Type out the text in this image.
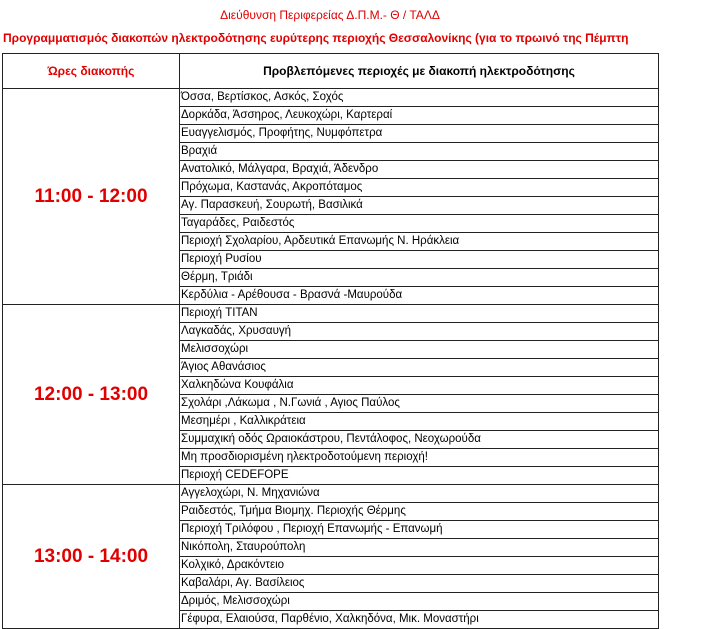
Διεύθυνση Περιφερείας Δ.Π.Μ.- Θ / ΤΑΛΔ
Προγραμματισμός διακοπών ηλεκτροδότησης ευρύτερης περιοχής Θεσσαλονίκης (για το πρωινό της Πέμπτη
Ώρες διακοπής	Προβλεπόμενες περιοχές με διακοπή ηλεκτροδότησης
11:00 - 12:00	Όσσα, Βερτίσκος, Ασκός, Σοχός
	Δορκάδα, Άσσηρος, Λευκοχώρι, Καρτεραί
	Ευαγγελισμός, Προφήτης, Νυμφόπετρα
	Βραχιά
	Ανατολικό, Μάλγαρα, Βραχιά, Άδενδρο
	Πρόχωμα, Καστανάς, Ακροπόταμος
	Αγ. Παρασκευή, Σουρωτή, Βασιλικά
	Ταγαράδες, Ραιδεστός
	Περιοχή Σχολαρίου, Αρδευτικά Επανωμής Ν. Ηράκλεια
	Περιοχή Ρυσίου
	Θέρμη, Τριάδι
	Κερδύλια - Αρέθουσα - Βρασνά -Μαυρούδα
12:00 - 13:00	Περιοχή TITAN
	Λαγκαδάς, Χρυσαυγή
	Μελισσοχώρι
	Άγιος Αθανάσιος
	Χαλκηδώνα Κουφάλια
	Σχολάρι ,Λάκωμα , Ν.Γωνιά , Αγιος Παύλος
	Μεσημέρι , Καλλικράτεια
	Συμμαχική οδός Ωραιοκάστρου, Πεντάλοφος, Νεοχωρούδα
	Μη προσδιορισμένη ηλεκτροδοτούμενη περιοχή!
	Περιοχή CEDEFOPE
13:00 - 14:00	Αγγελοχώρι, Ν. Μηχανιώνα
	Ραιδεστός, Τμήμα Βιομηχ. Περιοχής Θέρμης
	Περιοχή Τριλόφου , Περιοχή Επανωμής - Επανωμή
	Νικόπολη, Σταυρούπολη
	Κολχικό, Δρακόντειο
	Καβαλάρι, Αγ. Βασίλειος
	Δριμός, Μελισσοχώρι
	Γέφυρα, Ελαιούσα, Παρθένιο, Χαλκηδόνα, Μικ. Μοναστήρι
